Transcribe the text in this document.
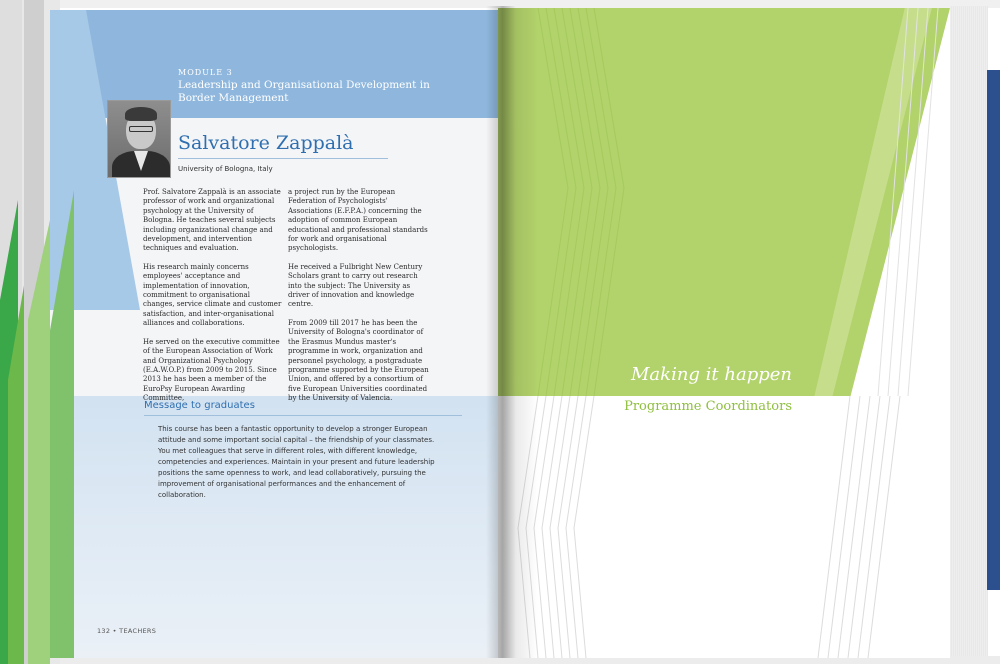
MODULE 3
Leadership and Organisational Development in Border Management
Salvatore Zappalà
University of Bologna, Italy

Prof. Salvatore Zappalà is an associate professor of work and organizational psychology at the University of Bologna. He teaches several subjects including organizational change and development, and intervention techniques and evaluation.

His research mainly concerns employees' acceptance and implementation of innovation, commitment to organisational changes, service climate and customer satisfaction, and inter-organisational alliances and collaborations.

He served on the executive committee of the European Association of Work and Organizational Psychology (E.A.W.O.P.) from 2009 to 2015. Since 2013 he has been a member of the EuroPsy European Awarding Committee,

a project run by the European Federation of Psychologists' Associations (E.F.P.A.) concerning the adoption of common European educational and professional standards for work and organisational psychologists.

He received a Fulbright New Century Scholars grant to carry out research into the subject: The University as driver of innovation and knowledge centre.

From 2009 till 2017 he has been the University of Bologna's coordinator of the Erasmus Mundus master's programme in work, organization and personnel psychology, a postgraduate programme supported by the European Union, and offered by a consortium of five European Universities coordinated by the University of Valencia.

Message to graduates
This course has been a fantastic opportunity to develop a stronger European attitude and some important social capital – the friendship of your classmates. You met colleagues that serve in different roles, with different knowledge, competencies and experiences. Maintain in your present and future leadership positions the same openness to work, and lead collaboratively, pursuing the improvement of organisational performances and the enhancement of collaboration.
132 • TEACHERS
Making it happen
Programme Coordinators
